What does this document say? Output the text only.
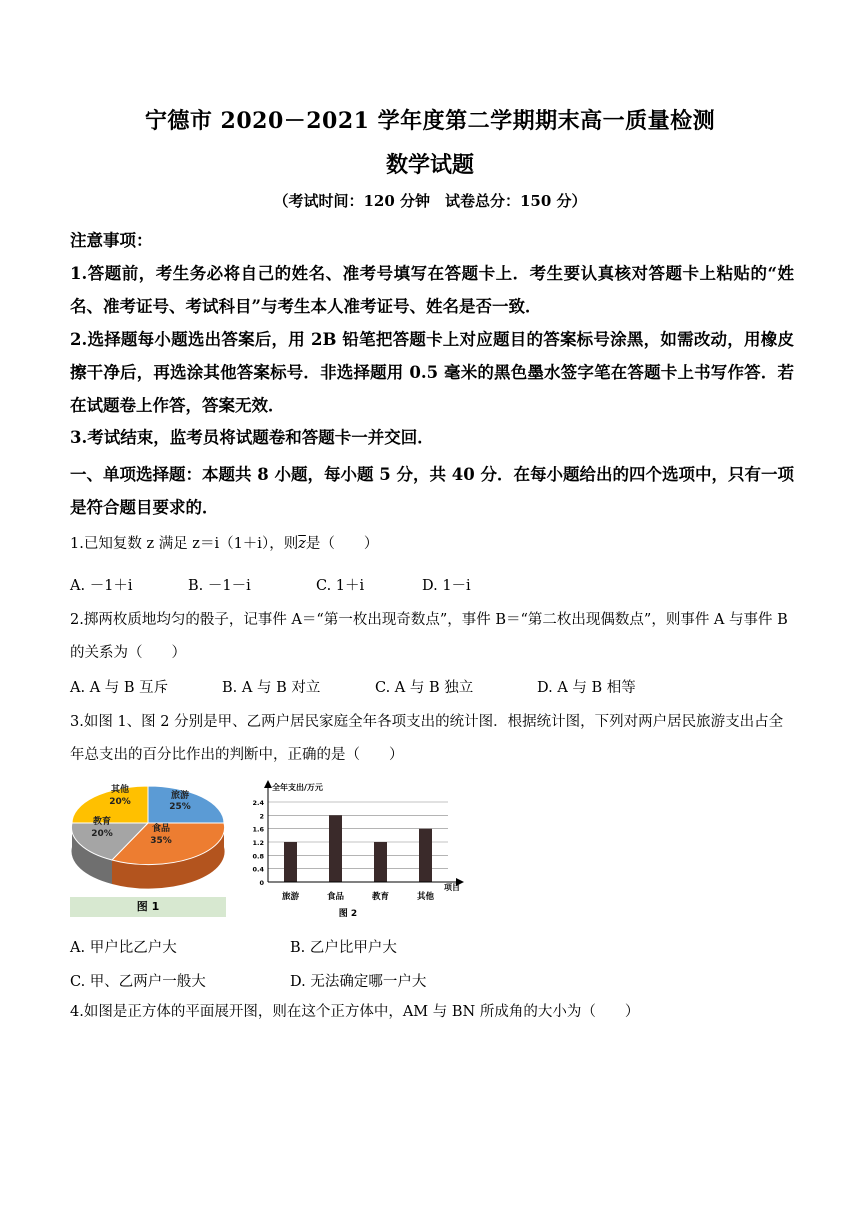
宁德市 2020－2021 学年度第二学期期末高一质量检测
数学试题
（考试时间：120 分钟　试卷总分：150 分）
注意事项：
1.答题前，考生务必将自己的姓名、准考号填写在答题卡上．考生要认真核对答题卡上粘贴的“姓名、准考证号、考试科目”与考生本人准考证号、姓名是否一致．
2.选择题每小题选出答案后，用 2B 铅笔把答题卡上对应题目的答案标号涂黑，如需改动，用橡皮擦干净后，再选涂其他答案标号．非选择题用 0.5 毫米的黑色墨水签字笔在答题卡上书写作答．若在试题卷上作答，答案无效．
3.考试结束，监考员将试题卷和答题卡一并交回．
一、单项选择题：本题共 8 小题，每小题 5 分，共 40 分．在每小题给出的四个选项中，只有一项是符合题目要求的．
1.已知复数 z 满足 z＝i（1＋i），则$\overline{z}$是（　　）
A. －1＋i	B. －1－i	C. 1＋i	D. 1－i
2.掷两枚质地均匀的骰子，记事件 A＝“第一枚出现奇数点”，事件 B＝“第二枚出现偶数点”，则事件 A 与事件 B 的关系为（　　）
A. A 与 B 互斥	B. A 与 B 对立	C. A 与 B 独立	D. A 与 B 相等
3.如图 1、图 2 分别是甲、乙两户居民家庭全年各项支出的统计图．根据统计图，下列对两户居民旅游支出占全年总支出的百分比作出的判断中，正确的是（　　）
旅游
25%
食品
35%
教育
20%
其他
20%
图 1
0
0.4
0.8
1.2
1.6
2
2.4
旅游	食品	教育	其他
全年支出/万元
项目
图 2
A. 甲户比乙户大	B. 乙户比甲户大
C. 甲、乙两户一般大	D. 无法确定哪一户大
4.如图是正方体的平面展开图，则在这个正方体中，AM 与 BN 所成角的大小为（　　）
